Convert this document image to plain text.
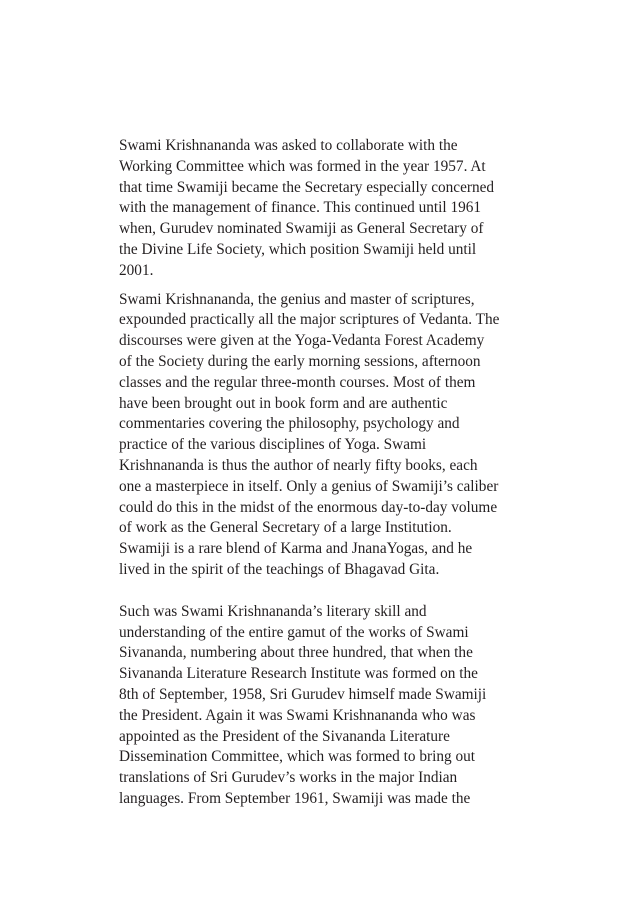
Swami Krishnananda was asked to collaborate with the
Working Committee which was formed in the year 1957. At
that time Swamiji became the Secretary especially concerned
with the management of finance. This continued until 1961
when, Gurudev nominated Swamiji as General Secretary of
the Divine Life Society, which position Swamiji held until
2001.

Swami Krishnananda, the genius and master of scriptures,
expounded practically all the major scriptures of Vedanta. The
discourses were given at the Yoga-Vedanta Forest Academy
of the Society during the early morning sessions, afternoon
classes and the regular three-month courses. Most of them
have been brought out in book form and are authentic
commentaries covering the philosophy, psychology and
practice of the various disciplines of Yoga. Swami
Krishnananda is thus the author of nearly fifty books, each
one a masterpiece in itself. Only a genius of Swamiji’s caliber
could do this in the midst of the enormous day-to-day volume
of work as the General Secretary of a large Institution.
Swamiji is a rare blend of Karma and JnanaYogas, and he
lived in the spirit of the teachings of Bhagavad Gita.

Such was Swami Krishnananda’s literary skill and
understanding of the entire gamut of the works of Swami
Sivananda, numbering about three hundred, that when the
Sivananda Literature Research Institute was formed on the
8th of September, 1958, Sri Gurudev himself made Swamiji
the President. Again it was Swami Krishnananda who was
appointed as the President of the Sivananda Literature
Dissemination Committee, which was formed to bring out
translations of Sri Gurudev’s works in the major Indian
languages. From September 1961, Swamiji was made the
